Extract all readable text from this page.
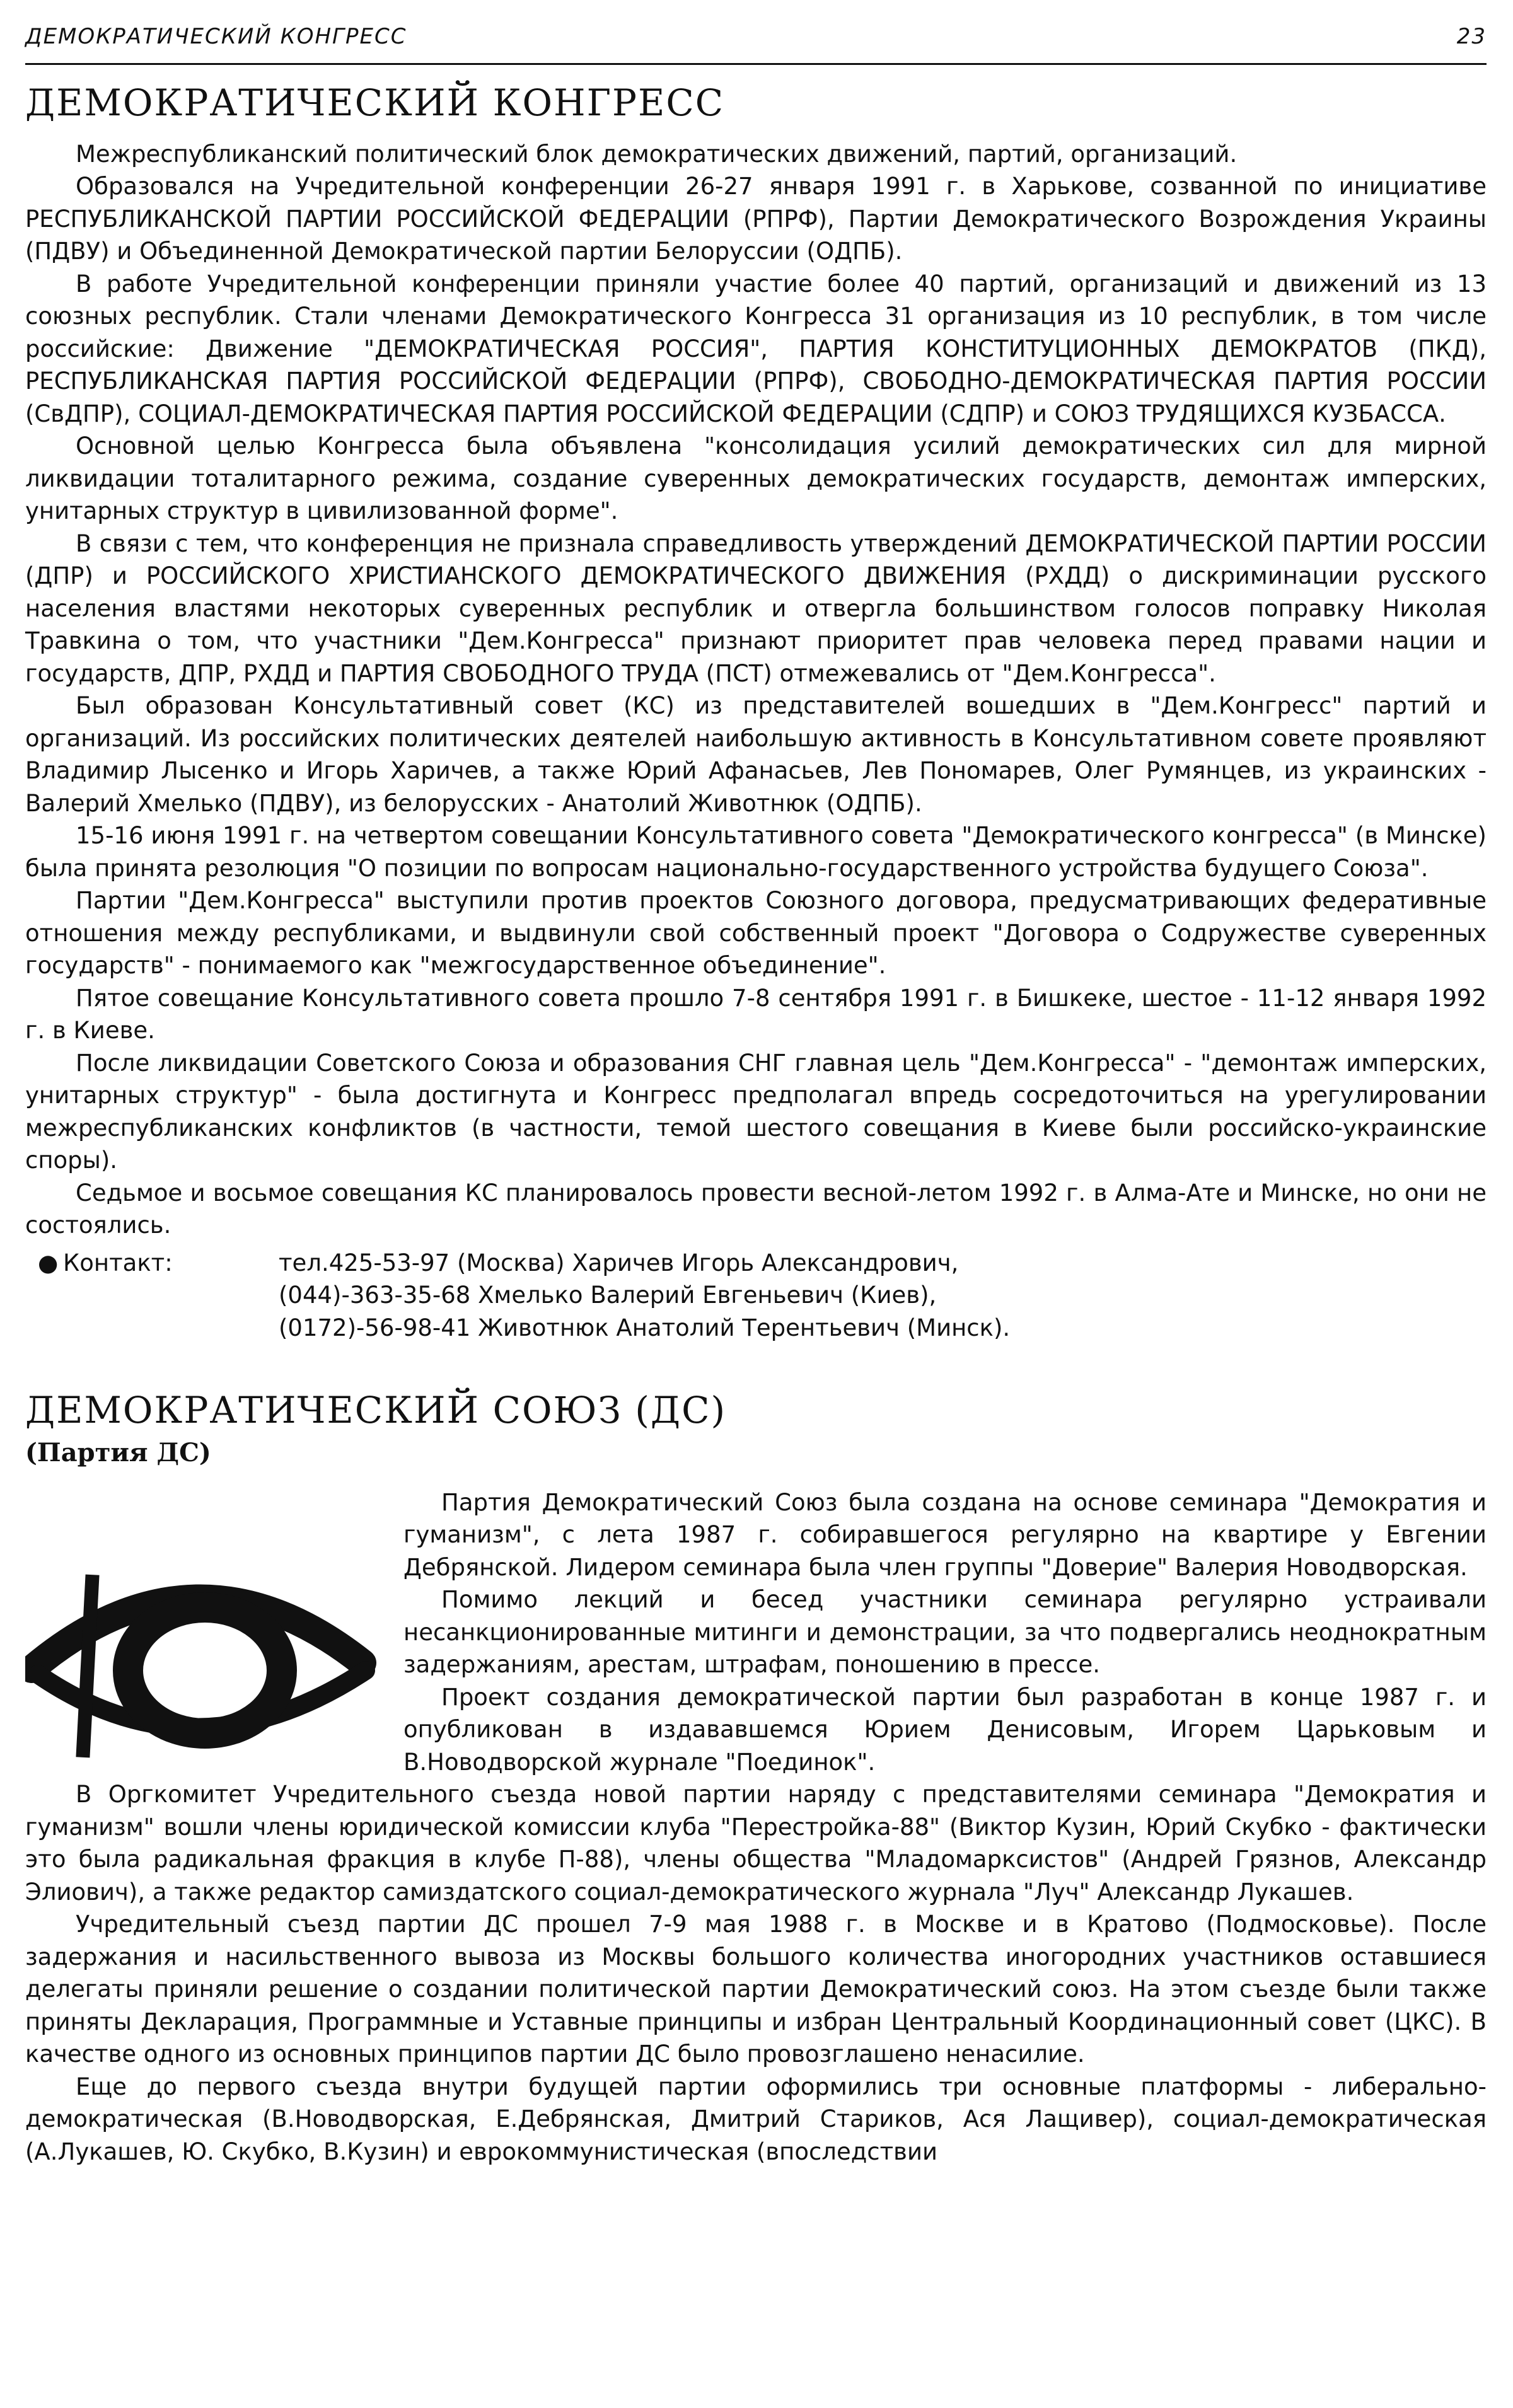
ДЕМОКРАТИЧЕСКИЙ КОНГРЕСС	23
ДЕМОКРАТИЧЕСКИЙ КОНГРЕСС

Межреспубликанский политический блок демократических движений, партий, организаций.

Образовался на Учредительной конференции 26-27 января 1991 г. в Харькове, созванной по инициативе РЕСПУБЛИКАНСКОЙ ПАРТИИ РОССИЙСКОЙ ФЕДЕРАЦИИ (РПРФ), Партии Демократического Возрождения Украины (ПДВУ) и Объединенной Демократической партии Белоруссии (ОДПБ).

В работе Учредительной конференции приняли участие более 40 партий, организаций и движений из 13 союзных республик. Стали членами Демократического Конгресса 31 организация из 10 республик, в том числе российские: Движение "ДЕМОКРАТИЧЕСКАЯ РОССИЯ", ПАРТИЯ КОНСТИТУЦИОННЫХ ДЕМОКРАТОВ (ПКД), РЕСПУБЛИКАНСКАЯ ПАРТИЯ РОССИЙСКОЙ ФЕДЕРАЦИИ (РПРФ), СВОБОДНО-ДЕМОКРАТИЧЕСКАЯ ПАРТИЯ РОССИИ (СвДПР), СОЦИАЛ-ДЕМОКРАТИЧЕСКАЯ ПАРТИЯ РОССИЙСКОЙ ФЕДЕРАЦИИ (СДПР) и СОЮЗ ТРУДЯЩИХСЯ КУЗБАССА.

Основной целью Конгресса была объявлена "консолидация усилий демократических сил для мирной ликвидации тоталитарного режима, создание суверенных демократических государств, демонтаж имперских, унитарных структур в цивилизованной форме".

В связи с тем, что конференция не признала справедливость утверждений ДЕМОКРАТИЧЕСКОЙ ПАРТИИ РОССИИ (ДПР) и РОССИЙСКОГО ХРИСТИАНСКОГО ДЕМОКРАТИЧЕСКОГО ДВИЖЕНИЯ (РХДД) о дискриминации русского населения властями некоторых суверенных республик и отвергла большинством голосов поправку Николая Травкина о том, что участники "Дем.Конгресса" признают приоритет прав человека перед правами нации и государств, ДПР, РХДД и ПАРТИЯ СВОБОДНОГО ТРУДА (ПСТ) отмежевались от "Дем.Конгресса".

Был образован Консультативный совет (КС) из представителей вошедших в "Дем.Конгресс" партий и организаций. Из российских политических деятелей наибольшую активность в Консультативном совете проявляют Владимир Лысенко и Игорь Харичев, а также Юрий Афанасьев, Лев Пономарев, Олег Румянцев, из украинских - Валерий Хмелько (ПДВУ), из белорусских - Анатолий Животнюк (ОДПБ).

15-16 июня 1991 г. на четвертом совещании Консультативного совета "Демократического конгресса" (в Минске) была принята резолюция "О позиции по вопросам национально-государственного устройства будущего Союза".

Партии "Дем.Конгресса" выступили против проектов Союзного договора, предусматривающих федеративные отношения между республиками, и выдвинули свой собственный проект "Договора о Содружестве суверенных государств" - понимаемого как "межгосударственное объединение".

Пятое совещание Консультативного совета прошло 7-8 сентября 1991 г. в Бишкеке, шестое - 11-12 января 1992 г. в Киеве.

После ликвидации Советского Союза и образования СНГ главная цель "Дем.Конгресса" - "демонтаж имперских, унитарных структур" - была достигнута и Конгресс предполагал впредь сосредоточиться на урегулировании межреспубликанских конфликтов (в частности, темой шестого совещания в Киеве были российско-украинские споры).

Седьмое и восьмое совещания КС планировалось провести весной-летом 1992 г. в Алма-Ате и Минске, но они не состоялись.

● Контакт:	тел.425-53-97 (Москва) Харичев Игорь Александрович,
(044)-363-35-68 Хмелько Валерий Евгеньевич (Киев),
(0172)-56-98-41 Животнюк Анатолий Терентьевич (Минск).
ДЕМОКРАТИЧЕСКИЙ СОЮЗ (ДС)
(Партия ДС)

Партия Демократический Союз была создана на основе семинара "Демократия и гуманизм", с лета 1987 г. собиравшегося регулярно на квартире у Евгении Дебрянской. Лидером семинара была член группы "Доверие" Валерия Новодворская.

Помимо лекций и бесед участники семинара регулярно устраивали несанкционированные митинги и демонстрации, за что подвергались неоднократным задержаниям, арестам, штрафам, поношению в прессе.

Проект создания демократической партии был разработан в конце 1987 г. и опубликован в издававшемся Юрием Денисовым, Игорем Царьковым и В.Новодворской журнале "Поединок".

В Оргкомитет Учредительного съезда новой партии наряду с представителями семинара "Демократия и гуманизм" вошли члены юридической комиссии клуба "Перестройка-88" (Виктор Кузин, Юрий Скубко - фактически это была радикальная фракция в клубе П-88), члены общества "Младомарксистов" (Андрей Грязнов, Александр Элиович), а также редактор самиздатского социал-демократического журнала "Луч" Александр Лукашев.

Учредительный съезд партии ДС прошел 7-9 мая 1988 г. в Москве и в Кратово (Подмосковье). После задержания и насильственного вывоза из Москвы большого количества иногородних участников оставшиеся делегаты приняли решение о создании политической партии Демократический союз. На этом съезде были также приняты Декларация, Программные и Уставные принципы и избран Центральный Координационный совет (ЦКС). В качестве одного из основных принципов партии ДС было провозглашено ненасилие.

Еще до первого съезда внутри будущей партии оформились три основные платформы - либерально-демократическая (В.Новодворская, Е.Дебрянская, Дмитрий Стариков, Ася Лащивер), социал-демократическая (А.Лукашев, Ю. Скубко, В.Кузин) и еврокоммунистическая (впоследствии
